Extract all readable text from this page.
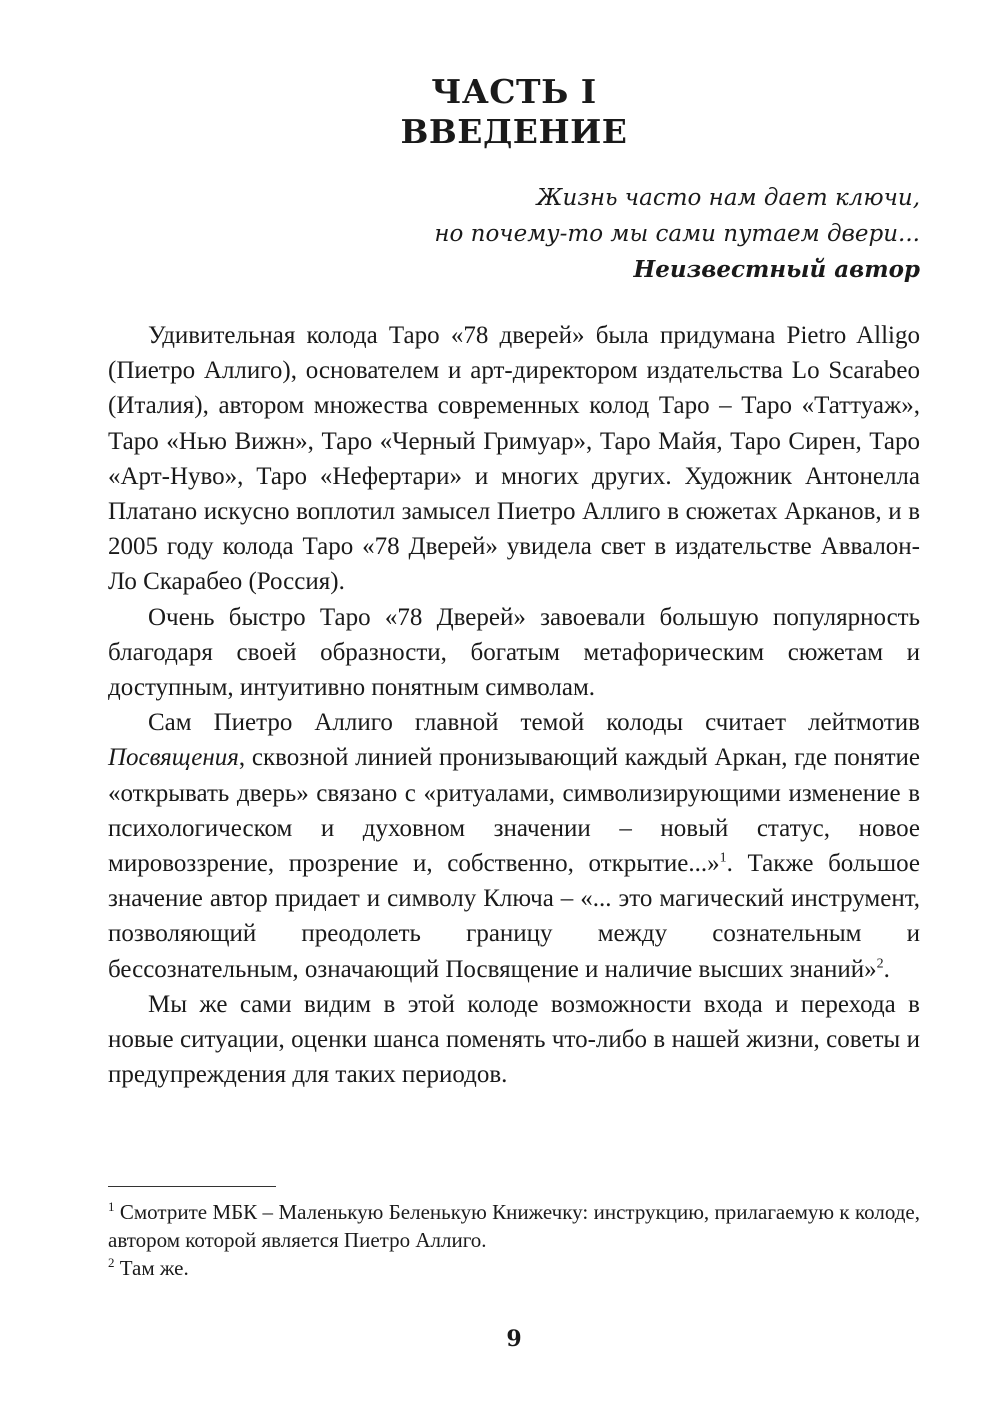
ЧАСТЬ I
ВВЕДЕНИЕ
Жизнь часто нам дает ключи,
но почему-то мы сами путаем двери...
Неизвестный автор

Удивительная колода Таро «78 дверей» была придумана Pietro Alligo (Пиетро Аллиго), основателем и арт-директором издательства Lo Scarabeo (Италия), автором множества современных колод Таро – Таро «Таттуаж», Таро «Нью Вижн», Таро «Черный Гримуар», Таро Майя, Таро Сирен, Таро «Арт-Нуво», Таро «Нефертари» и многих других. Художник Антонелла Платано искусно воплотил замысел Пиетро Аллиго в сюжетах Арканов, и в 2005 году колода Таро «78 Дверей» увидела свет в издательстве Аввалон-Ло Скарабео (Россия).

Очень быстро Таро «78 Дверей» завоевали большую популярность благодаря своей образности, богатым метафорическим сюжетам и доступным, интуитивно понятным символам.

Сам Пиетро Аллиго главной темой колоды считает лейтмотив Посвящения, сквозной линией пронизывающий каждый Аркан, где понятие «открывать дверь» связано с «ритуалами, символизирующими изменение в психологическом и духовном значении – новый статус, новое мировоззрение, прозрение и, собственно, открытие...»$^1$. Также большое значение автор придает и символу Ключа – «... это магический инструмент, позволяющий преодолеть границу между сознательным и бессознательным, означающий Посвящение и наличие высших знаний»$^2$.

Мы же сами видим в этой колоде возможности входа и перехода в новые ситуации, оценки шанса поменять что-либо в нашей жизни, советы и предупреждения для таких периодов.

$^1$ Смотрите МБК – Маленькую Беленькую Книжечку: инструкцию, прилагаемую к колоде, автором которой является Пиетро Аллиго.

$^2$ Там же.

9
